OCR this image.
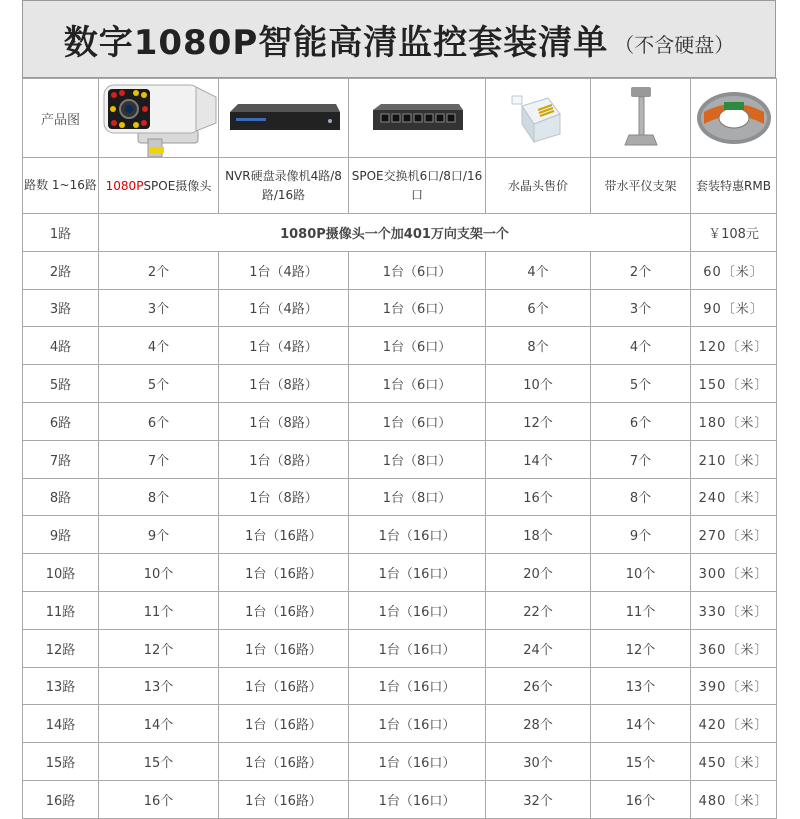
数字1080P智能高清监控套装清单 （不含硬盘）
产品图	

路数 1~16路	1080PSPOE摄像头	NVR硬盘录像机4路/8路/16路	SPOE交换机6口/8口/16口	水晶头售价	带水平仪支架	套装特惠RMB
1路	1080P摄像头一个加401万向支架一个					￥108元
2路	2个	1台（4路）	1台（6口）	4个	2个	60〔米〕
3路	3个	1台（4路）	1台（6口）	6个	3个	90〔米〕
4路	4个	1台（4路）	1台（6口）	8个	4个	120〔米〕
5路	5个	1台（8路）	1台（6口）	10个	5个	150〔米〕
6路	6个	1台（8路）	1台（6口）	12个	6个	180〔米〕
7路	7个	1台（8路）	1台（8口）	14个	7个	210〔米〕
8路	8个	1台（8路）	1台（8口）	16个	8个	240〔米〕
9路	9个	1台（16路）	1台（16口）	18个	9个	270〔米〕
10路	10个	1台（16路）	1台（16口）	20个	10个	300〔米〕
11路	11个	1台（16路）	1台（16口）	22个	11个	330〔米〕
12路	12个	1台（16路）	1台（16口）	24个	12个	360〔米〕
13路	13个	1台（16路）	1台（16口）	26个	13个	390〔米〕
14路	14个	1台（16路）	1台（16口）	28个	14个	420〔米〕
15路	15个	1台（16路）	1台（16口）	30个	15个	450〔米〕
16路	16个	1台（16路）	1台（16口）	32个	16个	480〔米〕
